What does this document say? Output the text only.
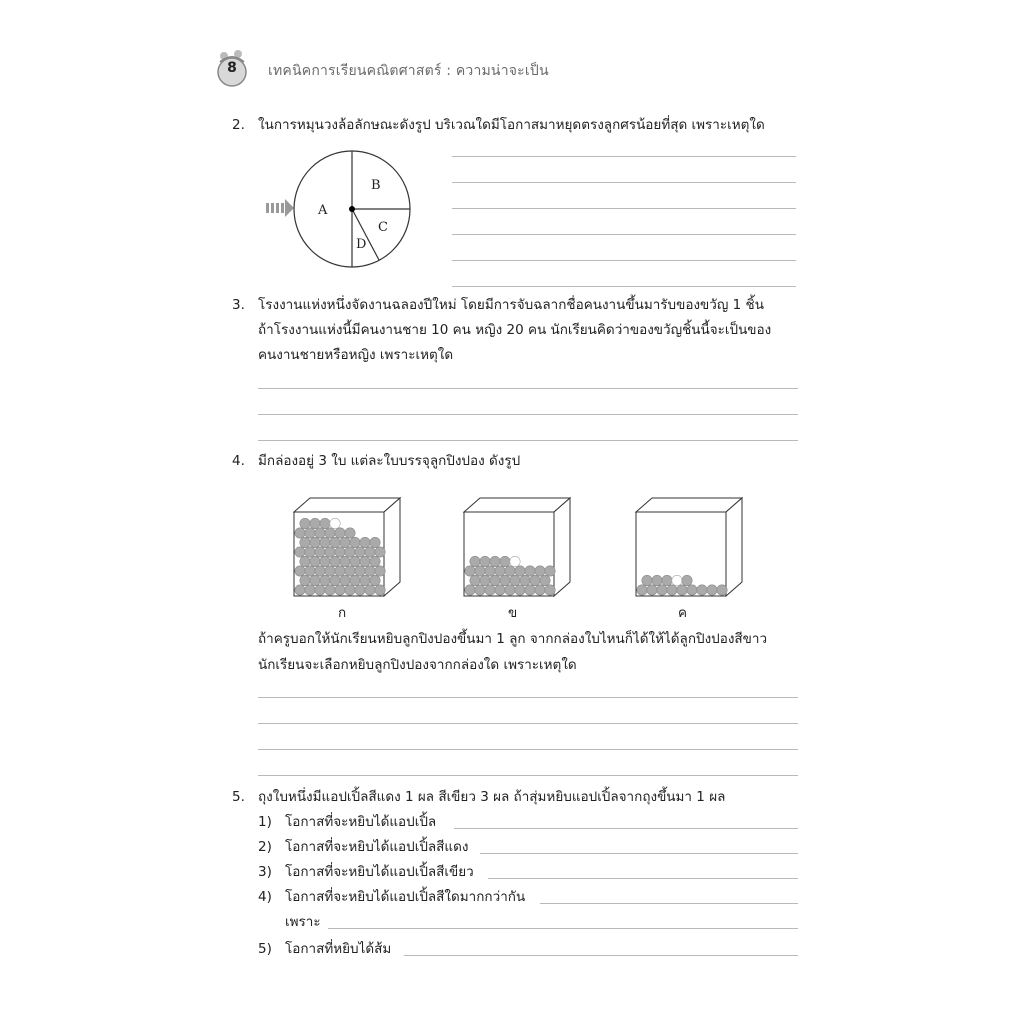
8	เทคนิคการเรียนคณิตศาสตร์ : ความน่าจะเป็น
2. ในการหมุนวงล้อลักษณะดังรูป บริเวณใดมีโอกาสมาหยุดตรงลูกศรน้อยที่สุด เพราะเหตุใด
A
B
C
D
3. โรงงานแห่งหนึ่งจัดงานฉลองปีใหม่ โดยมีการจับฉลากชื่อคนงานขึ้นมารับของขวัญ 1 ชิ้น
ถ้าโรงงานแห่งนี้มีคนงานชาย 10 คน หญิง 20 คน นักเรียนคิดว่าของขวัญชิ้นนี้จะเป็นของ
คนงานชายหรือหญิง เพราะเหตุใด
4. มีกล่องอยู่ 3 ใบ แต่ละใบบรรจุลูกปิงปอง ดังรูป
ก	ข	ค
ถ้าครูบอกให้นักเรียนหยิบลูกปิงปองขึ้นมา 1 ลูก จากกล่องใบไหนก็ได้ให้ได้ลูกปิงปองสีขาว
นักเรียนจะเลือกหยิบลูกปิงปองจากกล่องใด เพราะเหตุใด
5. ถุงใบหนึ่งมีแอปเปิ้ลสีแดง 1 ผล สีเขียว 3 ผล ถ้าสุ่มหยิบแอปเปิ้ลจากถุงขึ้นมา 1 ผล
1) โอกาสที่จะหยิบได้แอปเปิ้ล
2) โอกาสที่จะหยิบได้แอปเปิ้ลสีแดง
3) โอกาสที่จะหยิบได้แอปเปิ้ลสีเขียว
4) โอกาสที่จะหยิบได้แอปเปิ้ลสีใดมากกว่ากัน
เพราะ
5) โอกาสที่หยิบได้ส้ม
